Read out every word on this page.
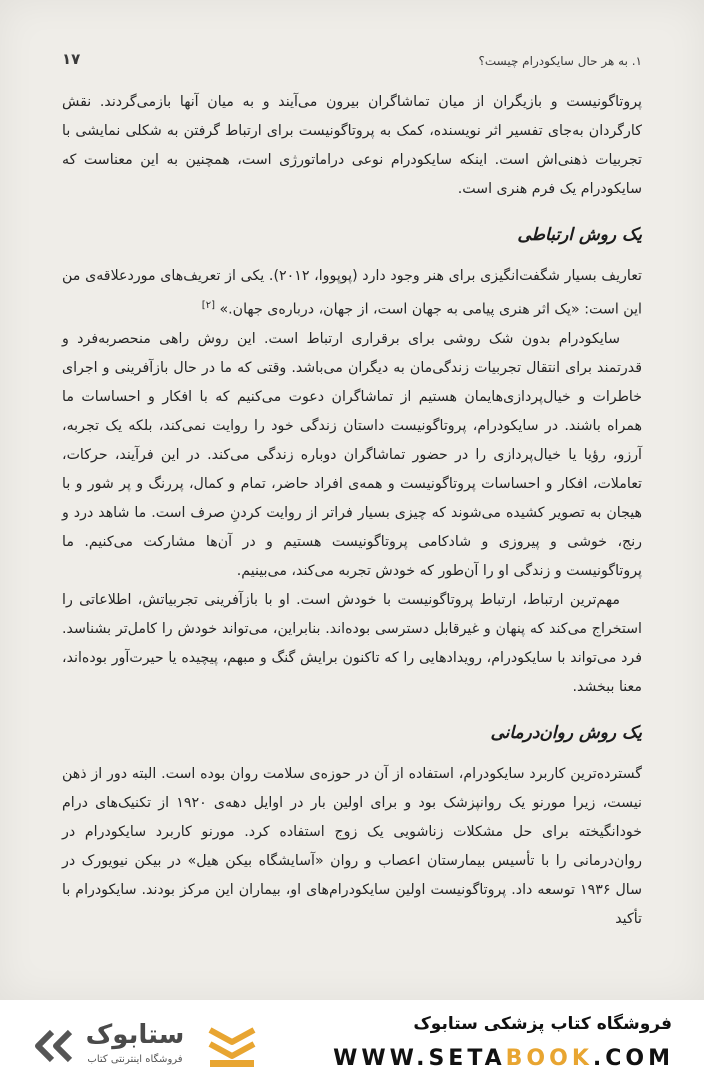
۱. به هر حال سایکودرام چیست؟
۱۷

پروتاگونیست و بازیگران از میان تماشاگران بیرون می‌آیند و به میان آنها بازمی‌گردند. نقش کارگردان به‌جای تفسیر اثر نویسنده، کمک به پروتاگونیست برای ارتباط گرفتن به شکلی نمایشی با تجربیات ذهنی‌اش است. اینکه سایکودرام نوعی دراماتورژی است، همچنین به این معناست که سایکودرام یک فرم هنری است.

یک روش ارتباطی

تعاریف بسیار شگفت‌انگیزی برای هنر وجود دارد (پوپووا، ۲۰۱۲). یکی از تعریف‌های موردعلاقه‌ی من این است: «یک اثر هنری پیامی به جهان است، از جهان، درباره‌ی جهان.» [۲]

سایکودرام بدون شک روشی برای برقراری ارتباط است. این روش راهی منحصربه‌فرد و قدرتمند برای انتقال تجربیات زندگی‌مان به دیگران می‌باشد. وقتی که ما در حال بازآفرینی و اجرای خاطرات و خیال‌پردازی‌هایمان هستیم از تماشاگران دعوت می‌کنیم که با افکار و احساسات ما همراه باشند. در سایکودرام، پروتاگونیست داستان زندگی خود را روایت نمی‌کند، بلکه یک تجربه، آرزو، رؤیا یا خیال‌پردازی را در حضور تماشاگران دوباره زندگی می‌کند. در این فرآیند، حرکات، تعاملات، افکار و احساسات پروتاگونیست و همه‌ی افراد حاضر، تمام و کمال، پررنگ و پر شور و با هیجان به تصویر کشیده می‌شوند که چیزی بسیار فراتر از روایت کردنِ صرف است. ما شاهد درد و رنج، خوشی و پیروزی و شادکامی پروتاگونیست هستیم و در آن‌ها مشارکت می‌کنیم. ما پروتاگونیست و زندگی او را آن‌طور که خودش تجربه می‌کند، می‌بینیم.

مهم‌ترین ارتباط، ارتباط پروتاگونیست با خودش است. او با بازآفرینی تجربیاتش، اطلاعاتی را استخراج می‌کند که پنهان و غیرقابل دسترسی بوده‌اند. بنابراین، می‌تواند خودش را کامل‌تر بشناسد. فرد می‌تواند با سایکودرام، رویدادهایی را که تاکنون برایش گنگ و مبهم، پیچیده یا حیرت‌آور بوده‌اند، معنا ببخشد.

یک روش روان‌درمانی

گسترده‌ترین کاربرد سایکودرام، استفاده از آن در حوزه‌ی سلامت روان بوده است. البته دور از ذهن نیست، زیرا مورنو یک روانپزشک بود و برای اولین بار در اوایل دهه‌ی ۱۹۲۰ از تکنیک‌های درام خودانگیخته برای حل مشکلات زناشویی یک زوج استفاده کرد. مورنو کاربرد سایکودرام در روان‌درمانی را با تأسیس بیمارستان اعصاب و روان «آسایشگاه بیکن هیل» در بیکن نیویورک در سال ۱۹۳۶ توسعه داد. پروتاگونیست اولین سایکودرام‌های او، بیماران این مرکز بودند. سایکودرام با تأکید

ستابوک
فروشگاه اینترنتی کتاب
فروشگاه کتاب پزشکی ستابوک
WWW.SETABOOK.COM
